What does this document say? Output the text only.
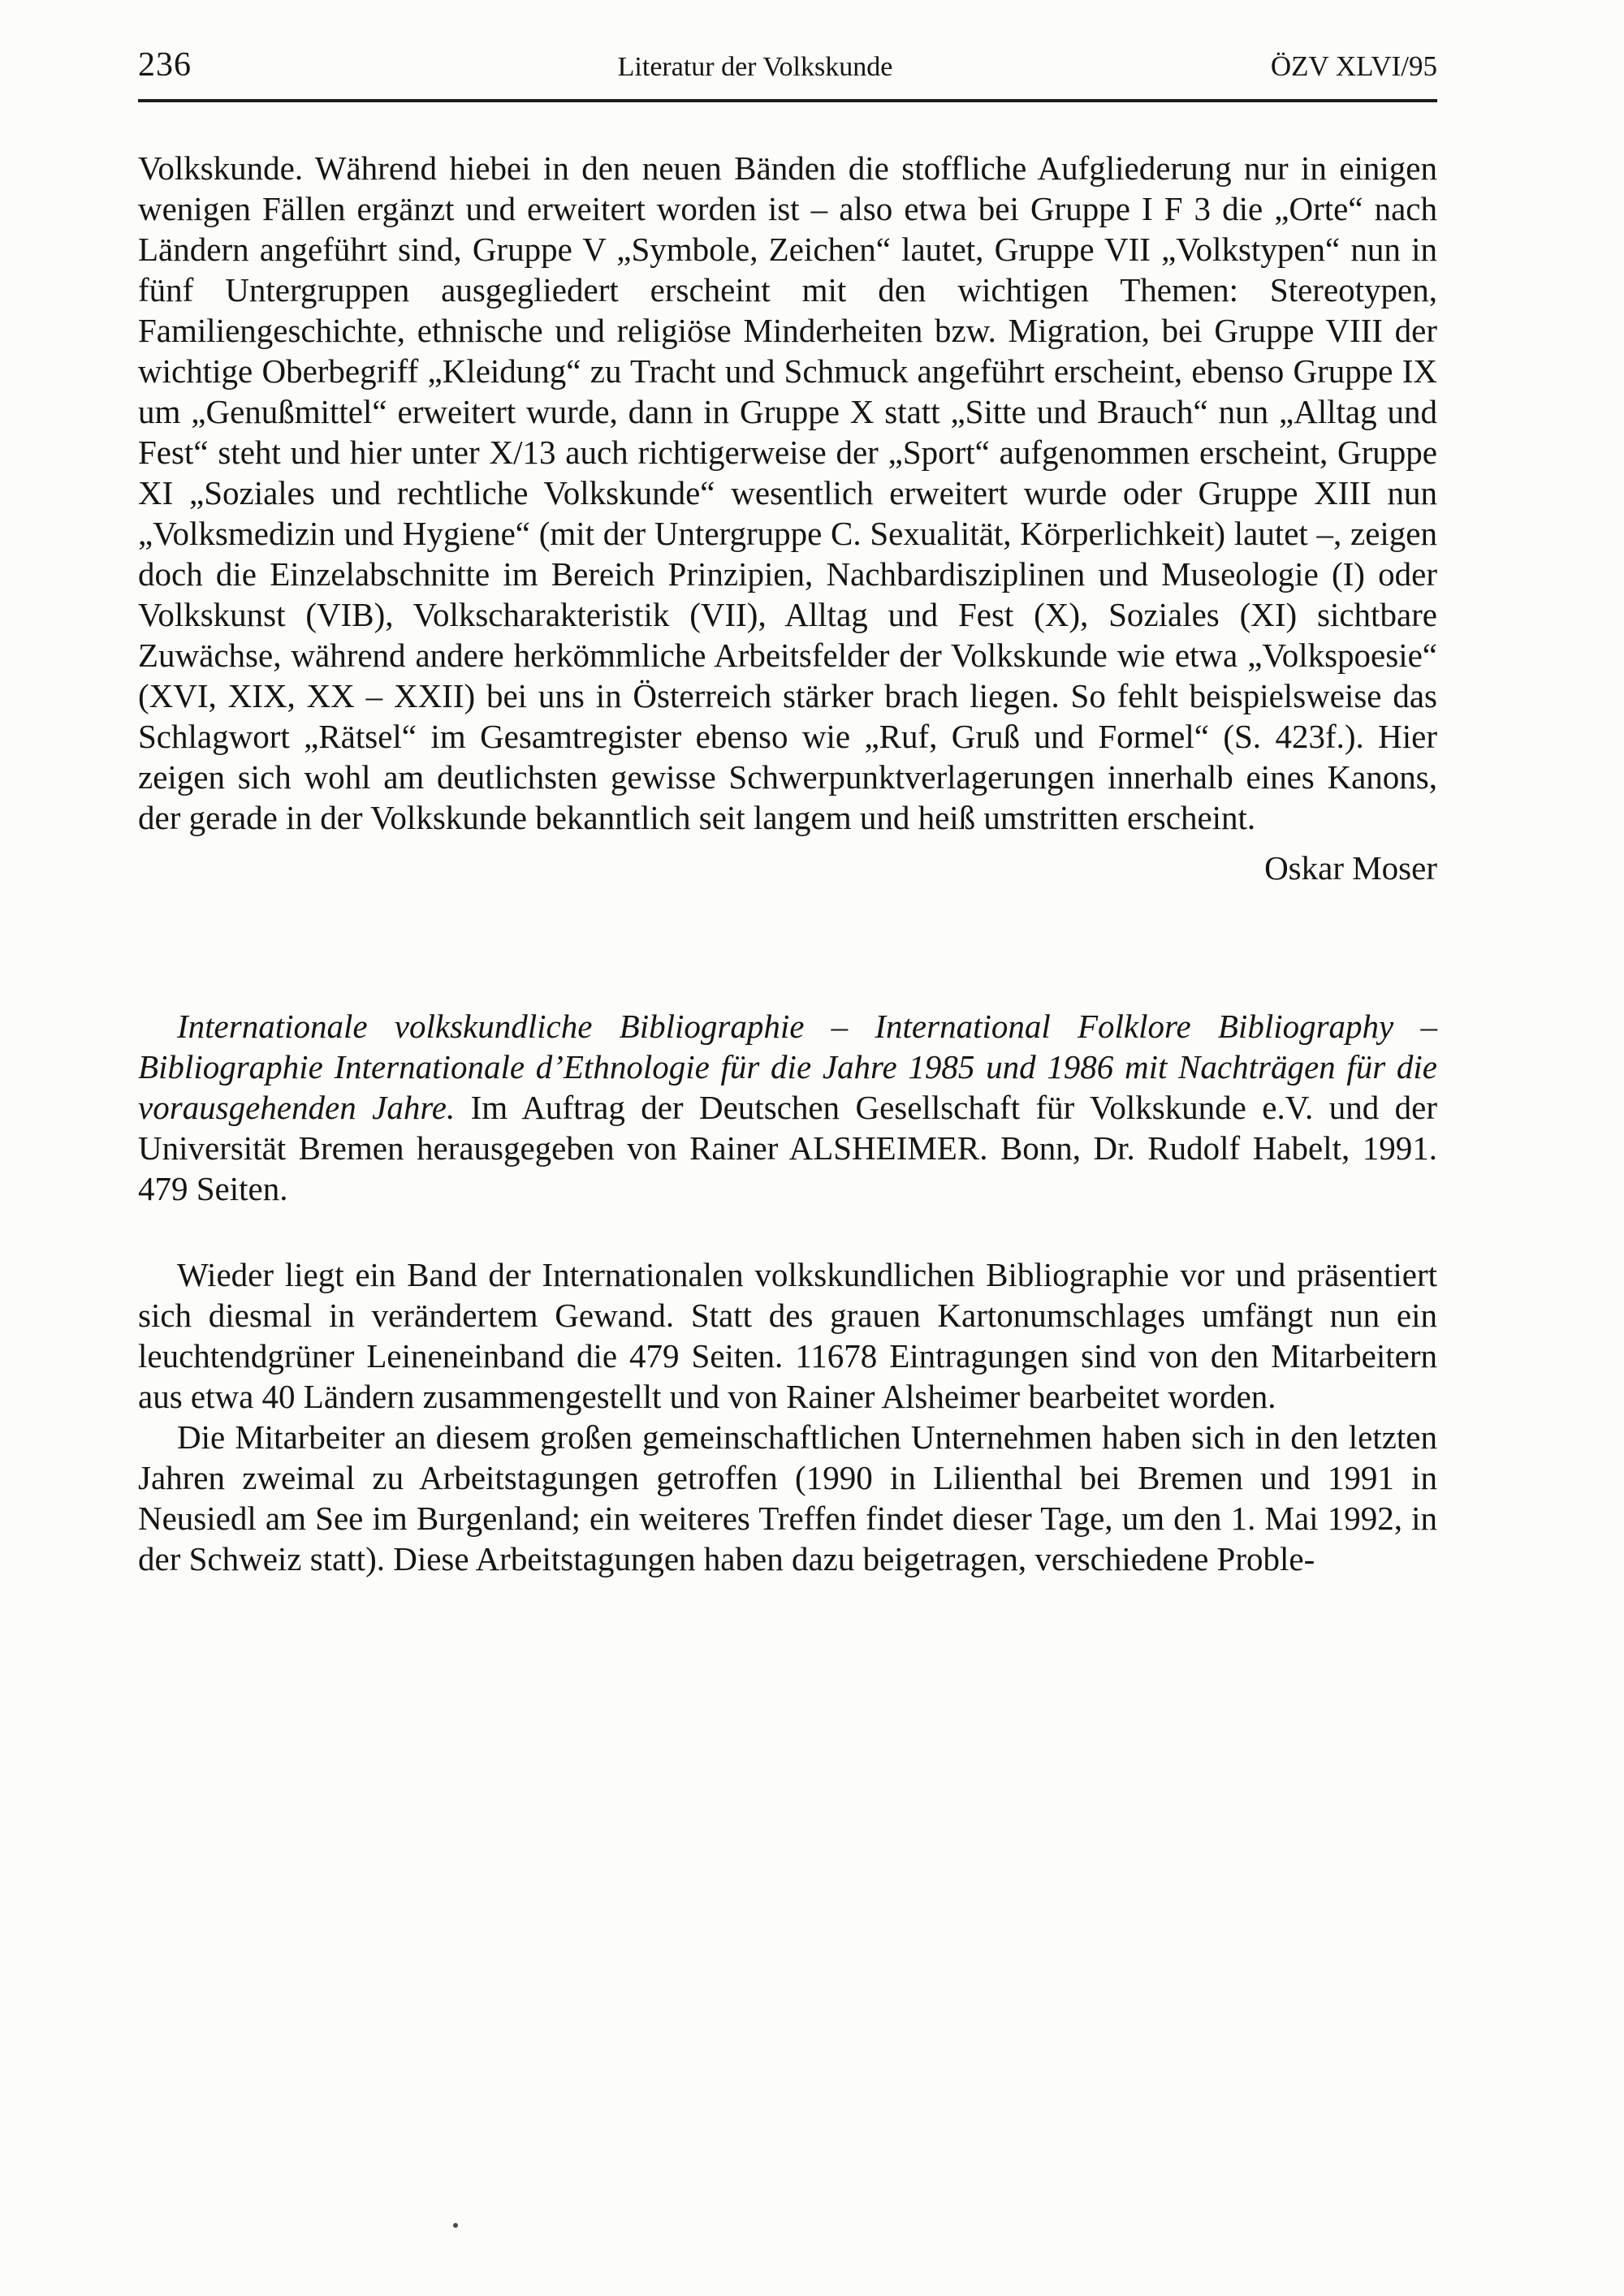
236	Literatur der Volkskunde	ÖZV XLVI/95

Volkskunde. Während hiebei in den neuen Bänden die stoffliche Aufgliederung nur in einigen wenigen Fällen ergänzt und erweitert worden ist – also etwa bei Gruppe I F 3 die „Orte“ nach Ländern angeführt sind, Gruppe V „Symbole, Zeichen“ lautet, Gruppe VII „Volkstypen“ nun in fünf Untergruppen ausgegliedert erscheint mit den wichtigen Themen: Stereotypen, Familiengeschichte, ethnische und religiöse Minderheiten bzw. Migration, bei Gruppe VIII der wichtige Oberbegriff „Kleidung“ zu Tracht und Schmuck angeführt erscheint, ebenso Gruppe IX um „Genußmittel“ erweitert wurde, dann in Gruppe X statt „Sitte und Brauch“ nun „Alltag und Fest“ steht und hier unter X/13 auch richtigerweise der „Sport“ aufgenommen erscheint, Gruppe XI „Soziales und rechtliche Volkskunde“ wesentlich erweitert wurde oder Gruppe XIII nun „Volksmedizin und Hygiene“ (mit der Untergruppe C. Sexualität, Körperlichkeit) lautet –, zeigen doch die Einzelabschnitte im Bereich Prinzipien, Nachbardisziplinen und Museologie (I) oder Volkskunst (VIB), Volkscharakteristik (VII), Alltag und Fest (X), Soziales (XI) sichtbare Zuwächse, während andere herkömmliche Arbeitsfelder der Volkskunde wie etwa „Volkspoesie“ (XVI, XIX, XX – XXII) bei uns in Österreich stärker brach liegen. So fehlt beispielsweise das Schlagwort „Rätsel“ im Gesamtregister ebenso wie „Ruf, Gruß und Formel“ (S. 423f.). Hier zeigen sich wohl am deutlichsten gewisse Schwerpunktverlagerungen innerhalb eines Kanons, der gerade in der Volkskunde bekanntlich seit langem und heiß umstritten erscheint.

Oskar Moser

Internationale volkskundliche Bibliographie – International Folklore Bibliography – Bibliographie Internationale d’Ethnologie für die Jahre 1985 und 1986 mit Nachträgen für die vorausgehenden Jahre. Im Auftrag der Deutschen Gesellschaft für Volkskunde e.V. und der Universität Bremen herausgegeben von Rainer ALSHEIMER. Bonn, Dr. Rudolf Habelt, 1991. 479 Seiten.

Wieder liegt ein Band der Internationalen volkskundlichen Bibliographie vor und präsentiert sich diesmal in verändertem Gewand. Statt des grauen Kartonumschlages umfängt nun ein leuchtendgrüner Leineneinband die 479 Seiten. 11678 Eintragungen sind von den Mitarbeitern aus etwa 40 Ländern zusammengestellt und von Rainer Alsheimer bearbeitet worden.

Die Mitarbeiter an diesem großen gemeinschaftlichen Unternehmen haben sich in den letzten Jahren zweimal zu Arbeitstagungen getroffen (1990 in Lilienthal bei Bremen und 1991 in Neusiedl am See im Burgenland; ein weiteres Treffen findet dieser Tage, um den 1. Mai 1992, in der Schweiz statt). Diese Arbeitstagungen haben dazu beigetragen, verschiedene Proble-
